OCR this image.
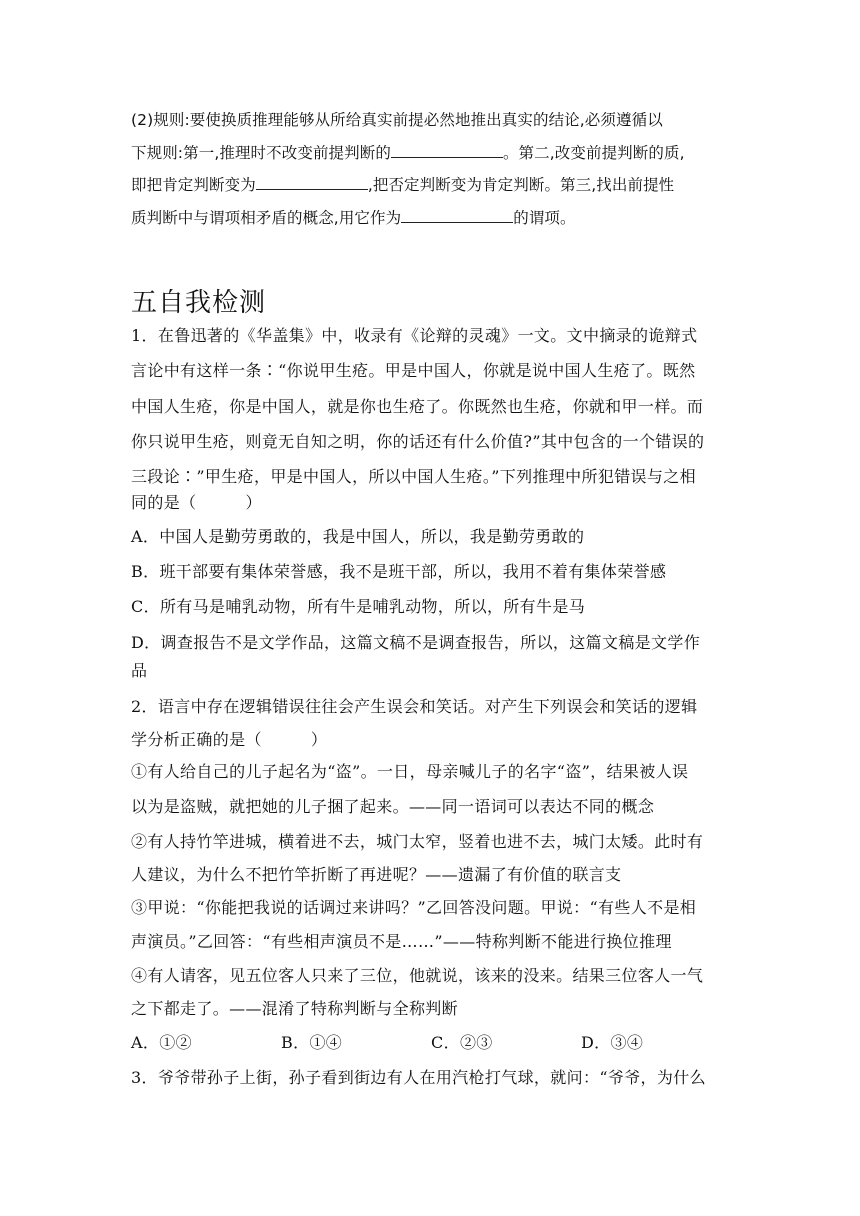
(2)规则:要使换质推理能够从所给真实前提必然地推出真实的结论,必须遵循以
下规则:第一,推理时不改变前提判断的	。第二,改变前提判断的质,
即把肯定判断变为	,把否定判断变为肯定判断。第三,找出前提性
质判断中与谓项相矛盾的概念,用它作为	的谓项。
五自我检测
1．在鲁迅著的《华盖集》中，收录有《论辩的灵魂》一文。文中摘录的诡辩式
言论中有这样一条∶“你说甲生疮。甲是中国人，你就是说中国人生疮了。既然
中国人生疮，你是中国人，就是你也生疮了。你既然也生疮，你就和甲一样。而
你只说甲生疮，则竟无自知之明，你的话还有什么价值?”其中包含的一个错误的
三段论∶”甲生疮，甲是中国人，所以中国人生疮。”下列推理中所犯错误与之相
同的是（　　　）
A．中国人是勤劳勇敢的，我是中国人，所以，我是勤劳勇敢的
B．班干部要有集体荣誉感，我不是班干部，所以，我用不着有集体荣誉感
C．所有马是哺乳动物，所有牛是哺乳动物，所以，所有牛是马
D．调查报告不是文学作品，这篇文稿不是调查报告，所以，这篇文稿是文学作
品
2．语言中存在逻辑错误往往会产生误会和笑话。对产生下列误会和笑话的逻辑
学分析正确的是（　　　）
①有人给自己的儿子起名为“盗”。一日，母亲喊儿子的名字“盗”，结果被人误
以为是盗贼，就把她的儿子捆了起来。——同一语词可以表达不同的概念
②有人持竹竿进城，横着进不去，城门太窄，竖着也进不去，城门太矮。此时有
人建议，为什么不把竹竿折断了再进呢？——遗漏了有价值的联言支
③甲说：“你能把我说的话调过来讲吗？”乙回答没问题。甲说：“有些人不是相
声演员。”乙回答：“有些相声演员不是……”——特称判断不能进行换位推理
④有人请客，见五位客人只来了三位，他就说，该来的没来。结果三位客人一气
之下都走了。——混淆了特称判断与全称判断
A．①②	B．①④	C．②③	D．③④
3．爷爷带孙子上街，孙子看到街边有人在用汽枪打气球，就问：“爷爷，为什么
